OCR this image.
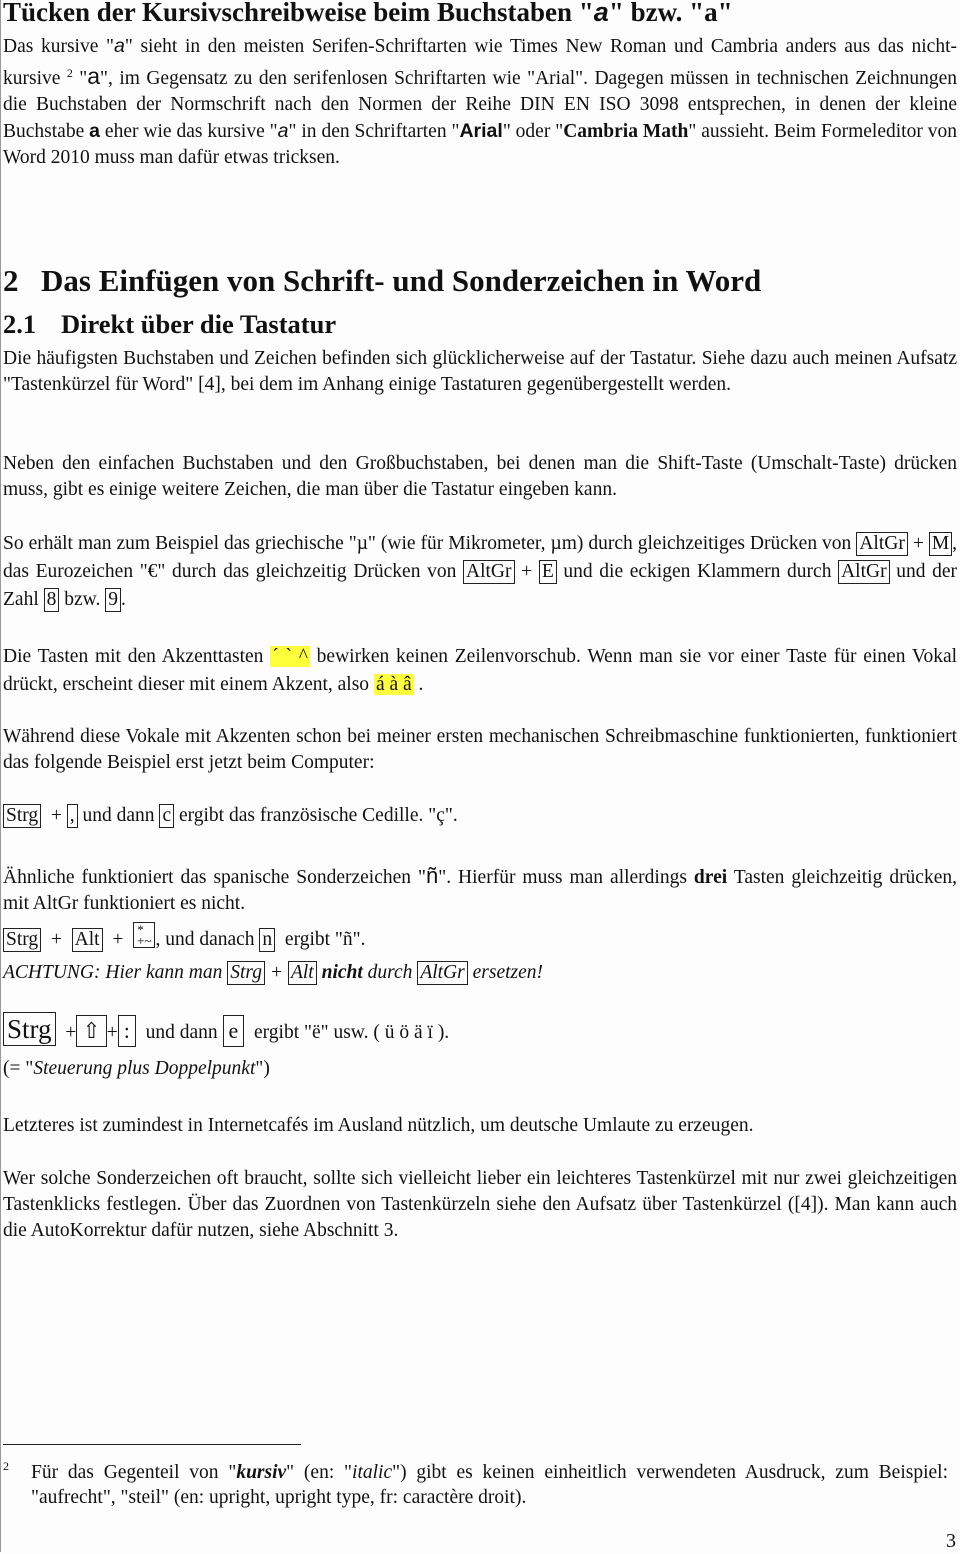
Tücken der Kursivschreibweise beim Buchstaben "a" bzw. "a"

Das kursive "a" sieht in den meisten Serifen-Schriftarten wie Times New Roman und Cambria anders aus das nicht-kursive $^2$ "a", im Gegensatz zu den serifenlosen Schriftarten wie "Arial". Dagegen müssen in technischen Zeichnungen die Buchstaben der Normschrift nach den Normen der Reihe DIN EN ISO 3098 entsprechen, in denen der kleine Buchstabe a eher wie das kursive "a" in den Schriftarten "Arial" oder "Cambria Math" aussieht. Beim Formeleditor von Word 2010 muss man dafür etwas tricksen.

2 Das Einfügen von Schrift- und Sonderzeichen in Word
2.1 Direkt über die Tastatur

Die häufigsten Buchstaben und Zeichen befinden sich glücklicherweise auf der Tastatur. Siehe dazu auch meinen Aufsatz "Tastenkürzel für Word" [4], bei dem im Anhang einige Tastaturen gegenübergestellt werden.

Neben den einfachen Buchstaben und den Großbuchstaben, bei denen man die Shift-Taste (Umschalt-Taste) drücken muss, gibt es einige weitere Zeichen, die man über die Tastatur eingeben kann.

So erhält man zum Beispiel das griechische "µ" (wie für Mikrometer, µm) durch gleichzeitiges Drücken von AltGr + M , das Eurozeichen "€" durch das gleichzeitig Drücken von AltGr + E und die eckigen Klammern durch AltGr und der Zahl 8 bzw. 9 .

Die Tasten mit den Akzenttasten ´ ` ^ bewirken keinen Zeilenvorschub. Wenn man sie vor einer Taste für einen Vokal drückt, erscheint dieser mit einem Akzent, also á à â .

Während diese Vokale mit Akzenten schon bei meiner ersten mechanischen Schreibmaschine funktionierten, funktioniert das folgende Beispiel erst jetzt beim Computer:

Strg + , und dann c ergibt das französische Cedille. "ç".

Ähnliche funktioniert das spanische Sonderzeichen "ñ". Hierfür muss man allerdings drei Tasten gleichzeitig drücken, mit AltGr funktioniert es nicht.

Strg + Alt + *
+~ , und danach n  ergibt "ñ".
ACHTUNG: Hier kann man Strg + Alt nicht durch AltGr ersetzen!
Strg + ⇧ + :  und dann e  ergibt "ë" usw. ( ü ö ä ï ).
(= "Steuerung plus Doppelpunkt")

Letzteres ist zumindest in Internetcafés im Ausland nützlich, um deutsche Umlaute zu erzeugen.

Wer solche Sonderzeichen oft braucht, sollte sich vielleicht lieber ein leichteres Tastenkürzel mit nur zwei gleichzeitigen Tastenklicks festlegen. Über das Zuordnen von Tastenkürzeln siehe den Aufsatz über Tastenkürzel ([4]). Man kann auch die AutoKorrektur dafür nutzen, siehe Abschnitt 3.

2 Für das Gegenteil von "kursiv" (en: "italic") gibt es keinen einheitlich verwendeten Ausdruck, zum Beispiel: "aufrecht", "steil" (en: upright, upright type, fr: caractère droit).

3
